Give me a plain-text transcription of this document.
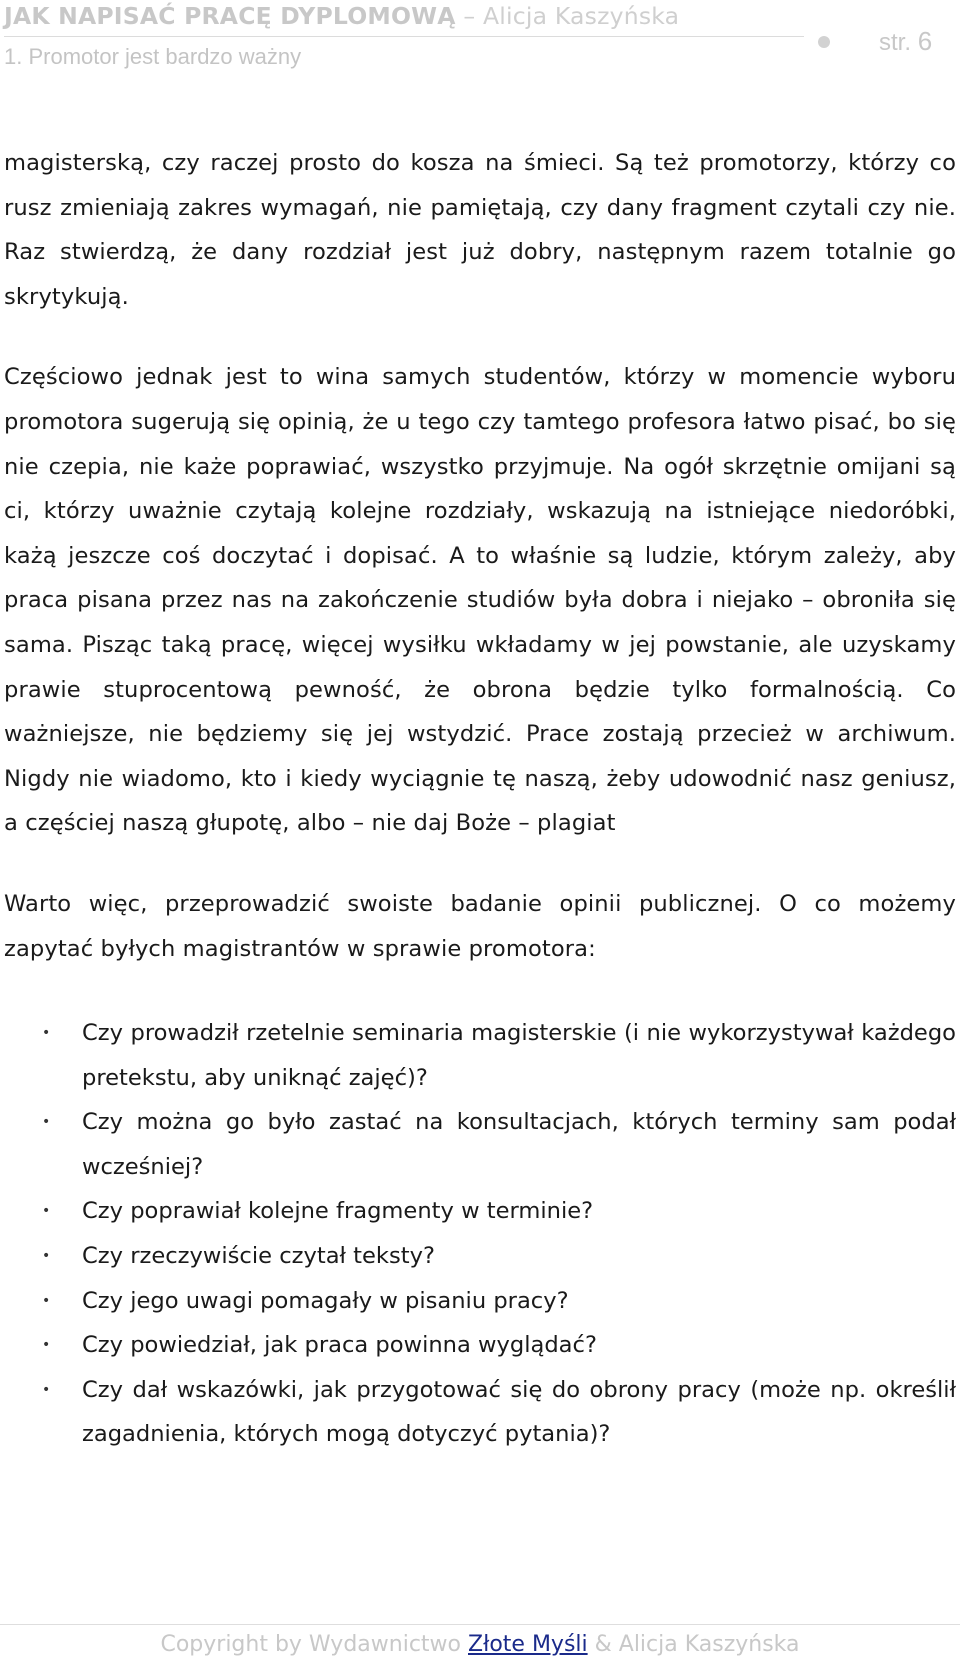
JAK NAPISAĆ PRACĘ DYPLOMOWĄ – Alicja Kaszyńska
1. Promotor jest bardzo ważny
str. 6

magisterską, czy raczej prosto do kosza na śmieci. Są też promotorzy, którzy co rusz zmieniają zakres wymagań, nie pamiętają, czy dany fragment czytali czy nie. Raz stwierdzą, że dany rozdział jest już dobry, następnym razem totalnie go skrytykują.

Częściowo jednak jest to wina samych studentów, którzy w momencie wyboru promotora sugerują się opinią, że u tego czy tamtego profesora łatwo pisać, bo się nie czepia, nie każe poprawiać, wszystko przyjmuje. Na ogół skrzętnie omijani są ci, którzy uważnie czytają kolejne rozdziały, wskazują na istniejące niedoróbki, każą jeszcze coś doczytać i dopisać. A to właśnie są ludzie, którym zależy, aby praca pisana przez nas na zakończenie studiów była dobra i niejako – obroniła się sama. Pisząc taką pracę, więcej wysiłku wkładamy w jej powstanie, ale uzyskamy prawie stuprocentową pewność, że obrona będzie tylko formalnością. Co ważniejsze, nie będziemy się jej wstydzić. Prace zostają przecież w archiwum. Nigdy nie wiadomo, kto i kiedy wyciągnie tę naszą, żeby udowodnić nasz geniusz, a częściej naszą głupotę, albo – nie daj Boże – plagiat

Warto więc, przeprowadzić swoiste badanie opinii publicznej. O co możemy zapytać byłych magistrantów w sprawie promotora:

• Czy prowadził rzetelnie seminaria magisterskie (i nie wykorzystywał każdego pretekstu, aby uniknąć zajęć)?
• Czy można go było zastać na konsultacjach, których terminy sam podał wcześniej?
• Czy poprawiał kolejne fragmenty w terminie?
• Czy rzeczywiście czytał teksty?
• Czy jego uwagi pomagały w pisaniu pracy?
• Czy powiedział, jak praca powinna wyglądać?
• Czy dał wskazówki, jak przygotować się do obrony pracy (może np. określił zagadnienia, których mogą dotyczyć pytania)?
Copyright by Wydawnictwo Złote Myśli & Alicja Kaszyńska
